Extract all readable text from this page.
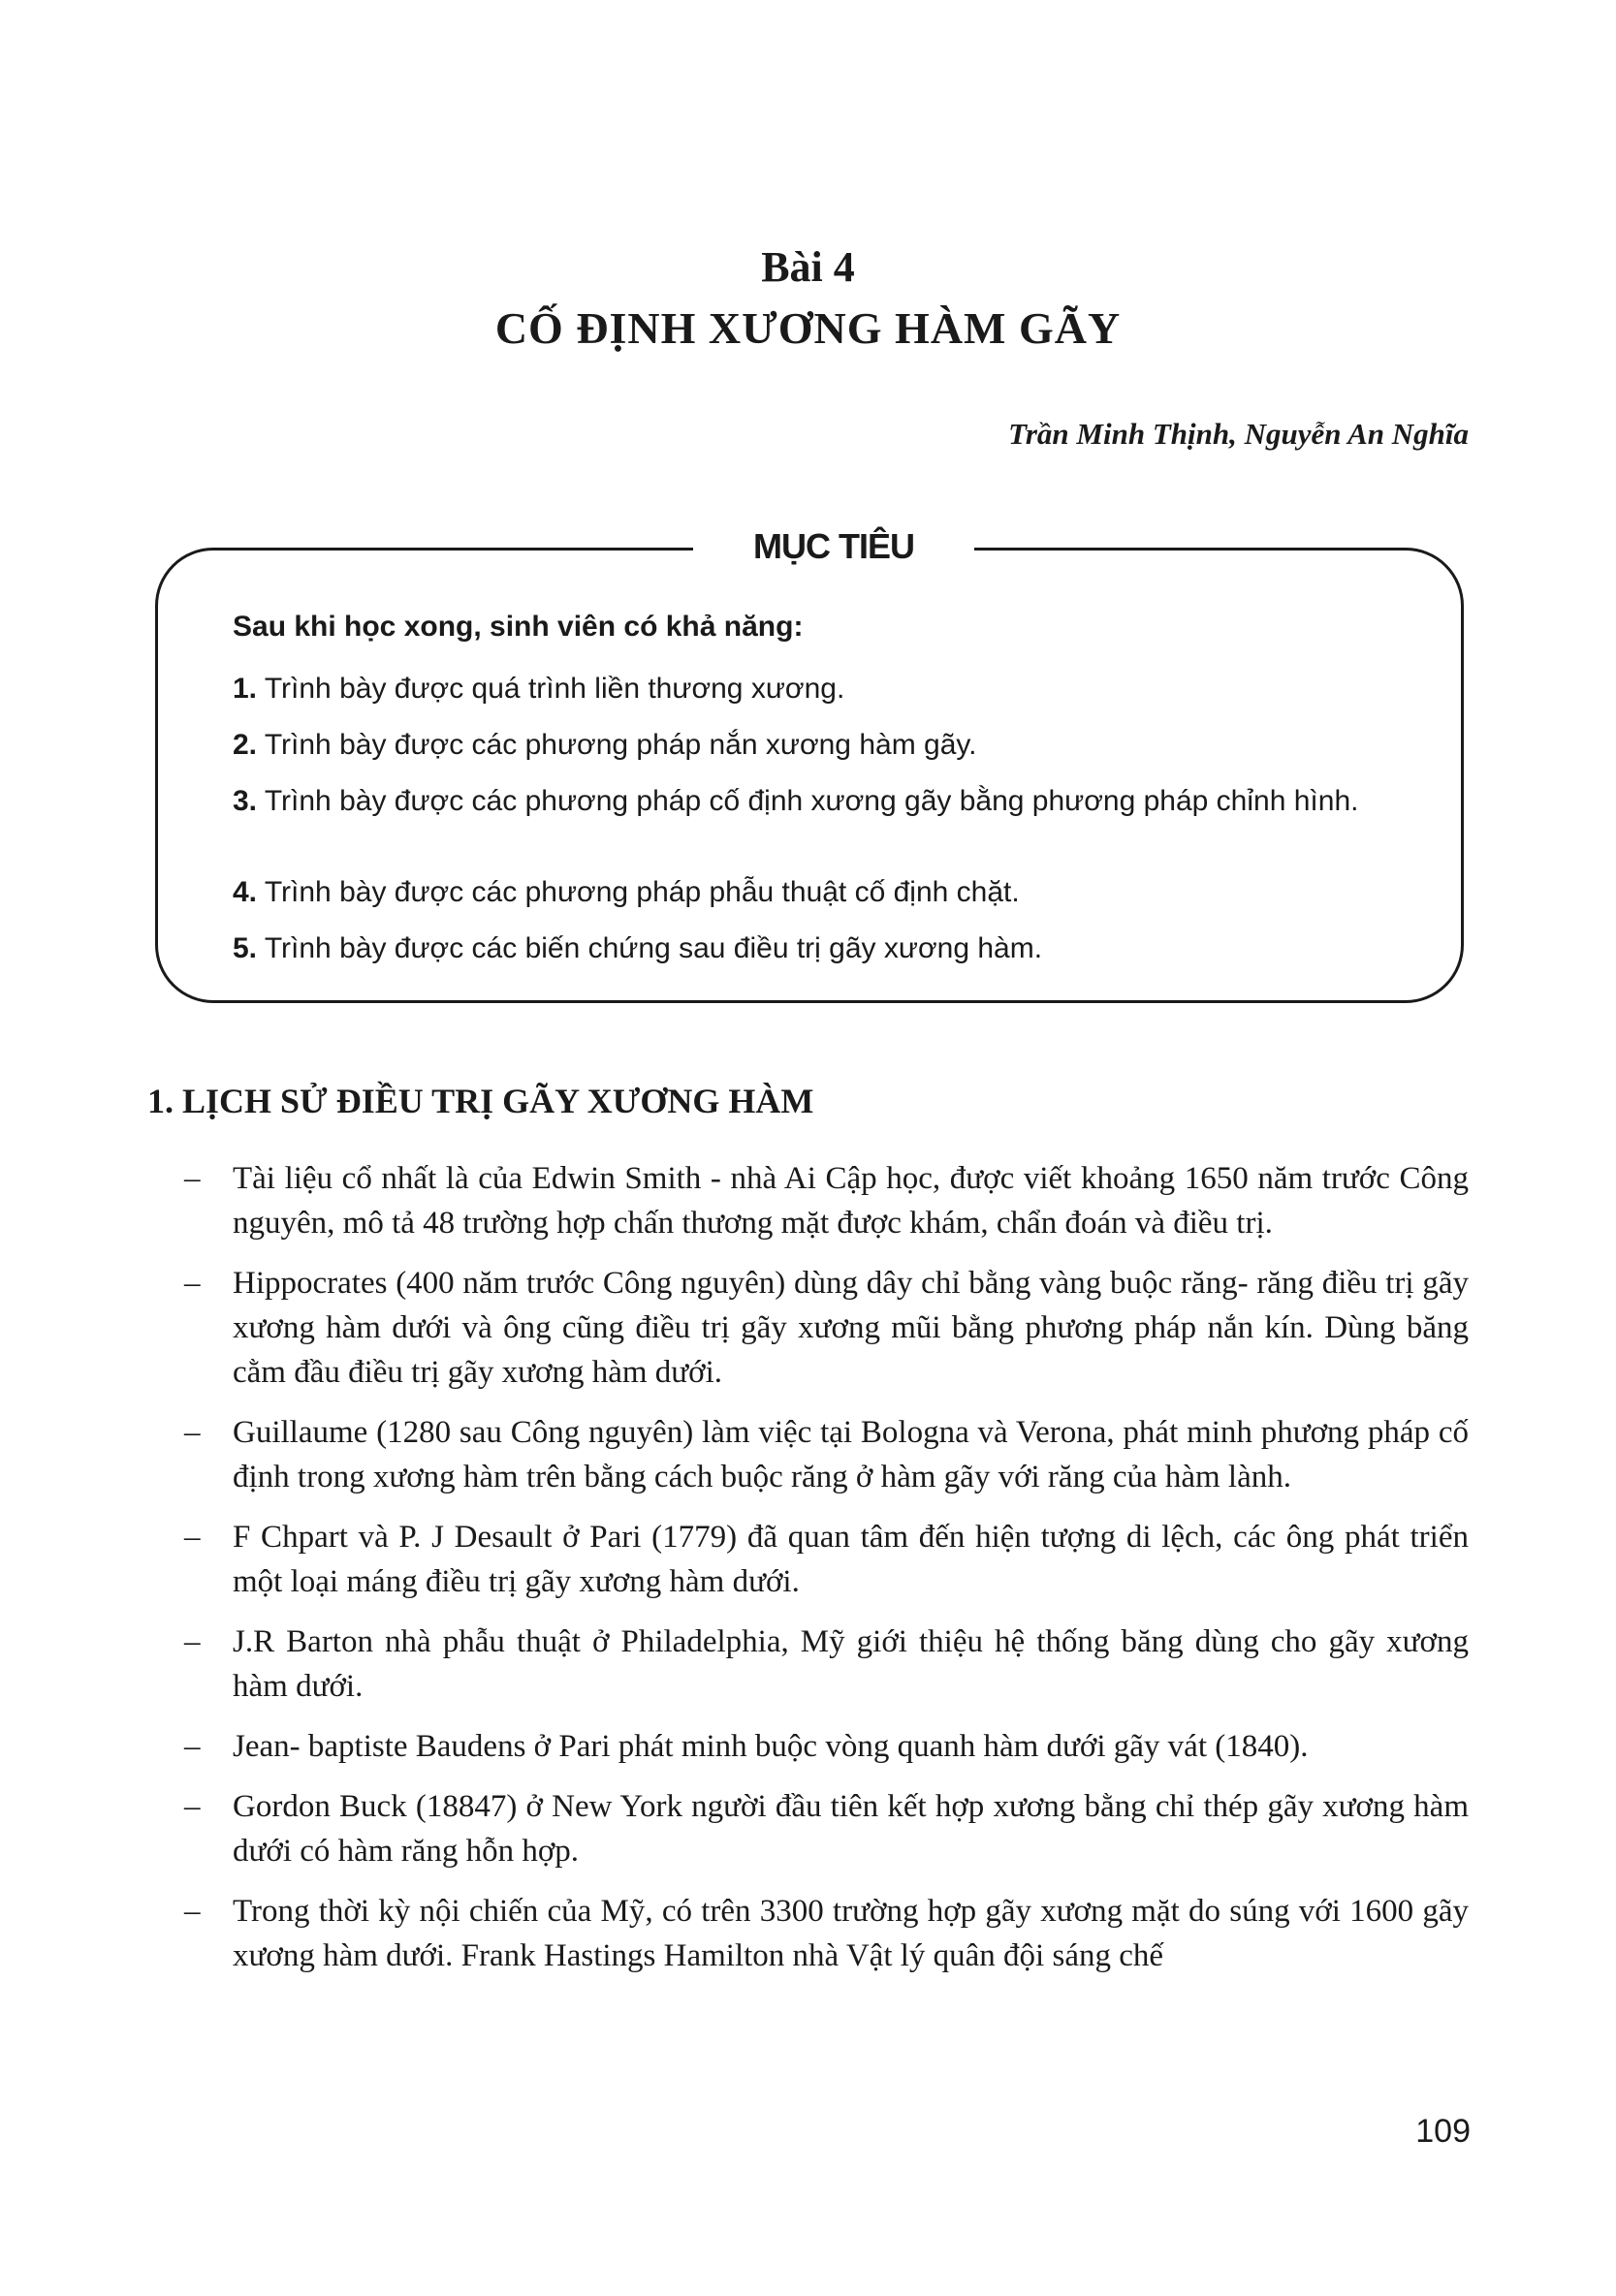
Bài 4
CỐ ĐỊNH XƯƠNG HÀM GÃY
Trần Minh Thịnh, Nguyễn An Nghĩa
MỤC TIÊU
Sau khi học xong, sinh viên có khả năng:
1. Trình bày được quá trình liền thương xương.
2. Trình bày được các phương pháp nắn xương hàm gãy.
3. Trình bày được các phương pháp cố định xương gãy bằng phương pháp chỉnh hình.
4. Trình bày được các phương pháp phẫu thuật cố định chặt.
5. Trình bày được các biến chứng sau điều trị gãy xương hàm.
1. LỊCH SỬ ĐIỀU TRỊ GÃY XƯƠNG HÀM
– Tài liệu cổ nhất là của Edwin Smith - nhà Ai Cập học, được viết khoảng 1650 năm trước Công nguyên, mô tả 48 trường hợp chấn thương mặt được khám, chẩn đoán và điều trị.
– Hippocrates (400 năm trước Công nguyên) dùng dây chỉ bằng vàng buộc răng- răng điều trị gãy xương hàm dưới và ông cũng điều trị gãy xương mũi bằng phương pháp nắn kín. Dùng băng cằm đầu điều trị gãy xương hàm dưới.
– Guillaume (1280 sau Công nguyên) làm việc tại Bologna và Verona, phát minh phương pháp cố định trong xương hàm trên bằng cách buộc răng ở hàm gãy với răng của hàm lành.
– F Chpart và P. J Desault ở Pari (1779) đã quan tâm đến hiện tượng di lệch, các ông phát triển một loại máng điều trị gãy xương hàm dưới.
– J.R Barton nhà phẫu thuật ở Philadelphia, Mỹ giới thiệu hệ thống băng dùng cho gãy xương hàm dưới.
– Jean- baptiste Baudens ở Pari phát minh buộc vòng quanh hàm dưới gãy vát (1840).
– Gordon Buck (18847) ở New York người đầu tiên kết hợp xương bằng chỉ thép gãy xương hàm dưới có hàm răng hỗn hợp.
– Trong thời kỳ nội chiến của Mỹ, có trên 3300 trường hợp gãy xương mặt do súng với 1600 gãy xương hàm dưới. Frank Hastings Hamilton nhà Vật lý quân đội sáng chế
109
